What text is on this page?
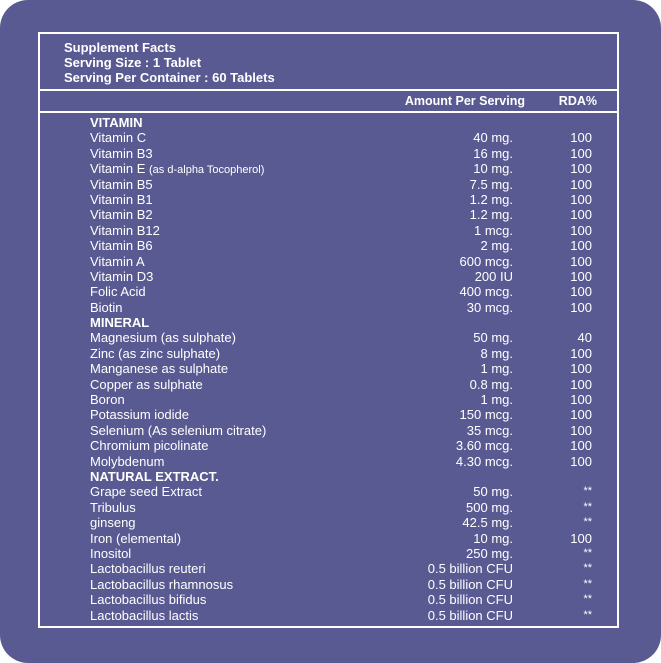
Supplement Facts
Serving Size : 1 Tablet
Serving Per Container : 60 Tablets
Amount Per Serving	RDA%
VITAMIN
Vitamin C	40 mg.	100
Vitamin B3	16 mg.	100
Vitamin E (as d-alpha Tocopherol)	10 mg.	100
Vitamin B5	7.5 mg.	100
Vitamin B1	1.2 mg.	100
Vitamin B2	1.2 mg.	100
Vitamin B12	1 mcg.	100
Vitamin B6	2 mg.	100
Vitamin A	600 mcg.	100
Vitamin D3	200 IU	100
Folic Acid	400 mcg.	100
Biotin	30 mcg.	100
MINERAL
Magnesium (as sulphate)	50 mg.	40
Zinc (as zinc sulphate)	8 mg.	100
Manganese as sulphate	1 mg.	100
Copper as sulphate	0.8 mg.	100
Boron	1 mg.	100
Potassium iodide	150 mcg.	100
Selenium (As selenium citrate)	35 mcg.	100
Chromium picolinate	3.60 mcg.	100
Molybdenum	4.30 mcg.	100
NATURAL EXTRACT.
Grape seed Extract	50 mg.	**
Tribulus	500 mg.	**
ginseng	42.5 mg.	**
Iron (elemental)	10 mg.	100
Inositol	250 mg.	**
Lactobacillus reuteri	0.5 billion CFU	**
Lactobacillus rhamnosus	0.5 billion CFU	**
Lactobacillus bifidus	0.5 billion CFU	**
Lactobacillus lactis	0.5 billion CFU	**
